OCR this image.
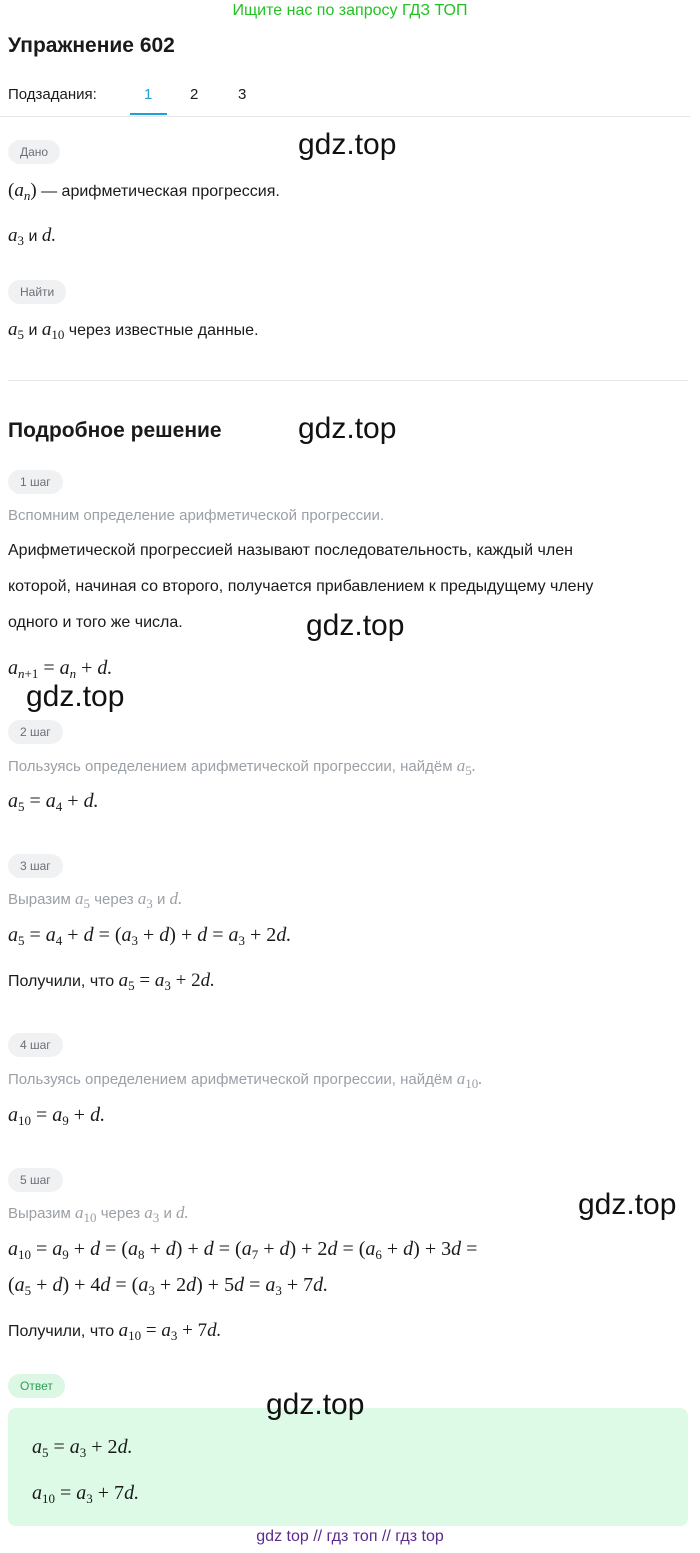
Ищите нас по запросу ГДЗ ТОП
Упражнение 602
Подзадания:	1	2	3
Дано
$(a_n)$ — арифметическая прогрессия.
$a_3$ и d.
Найти
$a_5$ и $a_{10}$ через известные данные.
Подробное решение
1 шаг
Вспомним определение арифметической прогрессии.
Арифметической прогрессией называют последовательность, каждый член
которой, начиная со второго, получается прибавлением к предыдущему члену
одного и того же числа.
$a_{n+1} = a_n + d$.
2 шаг
Пользуясь определением арифметической прогрессии, найдём $a_5$.
$a_5 = a_4 + d$.
3 шаг
Выразим $a_5$ через $a_3$ и d.
$a_5 = a_4 + d = (a_3 + d) + d = a_3 + 2d$.
Получили, что $a_5 = a_3 + 2d$.
4 шаг
Пользуясь определением арифметической прогрессии, найдём $a_{10}$.
$a_{10} = a_9 + d$.
5 шаг
Выразим $a_{10}$ через $a_3$ и d.
$a_{10} = a_9 + d = (a_8 + d) + d = (a_7 + d) + 2d = (a_6 + d) + 3d$ =
$(a_5 + d) + 4d = (a_3 + 2d) + 5d = a_3 + 7d$.
Получили, что $a_{10} = a_3 + 7d$.
Ответ
$a_5 = a_3 + 2d$.
$a_{10} = a_3 + 7d$.
gdz.top
gdz.top
gdz.top
gdz.top
gdz.top
gdz.top
gdz top // гдз топ // гдз top
